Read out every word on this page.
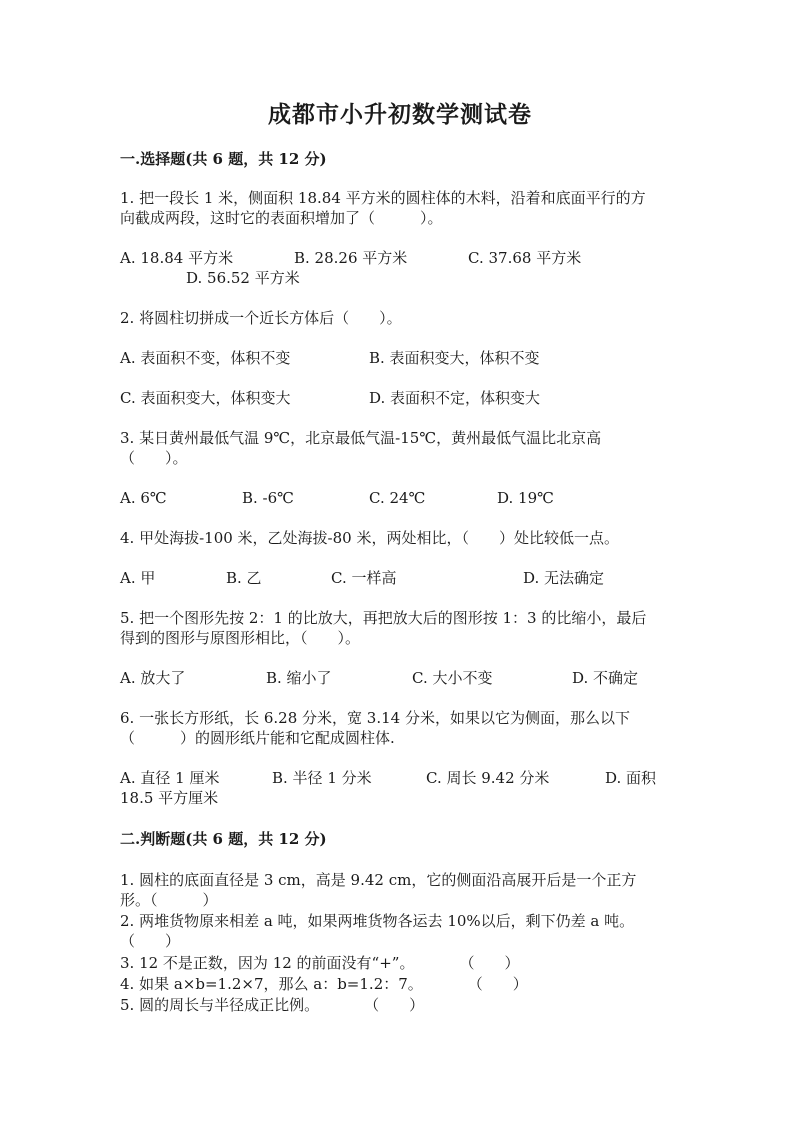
成都市小升初数学测试卷
一.选择题(共 6 题，共 12 分)
1. 把一段长 1 米，侧面积 18.84 平方米的圆柱体的木料，沿着和底面平行的方
向截成两段，这时它的表面积增加了（　　　）。
A. 18.84 平方米	B. 28.26 平方米	C. 37.68 平方米
D. 56.52 平方米
2. 将圆柱切拼成一个近长方体后（　　）。
A. 表面积不变，体积不变	B. 表面积变大，体积不变
C. 表面积变大，体积变大	D. 表面积不定，体积变大
3. 某日黄州最低气温 9℃，北京最低气温-15℃，黄州最低气温比北京高
（　　）。
A. 6℃	B. -6℃	C. 24℃	D. 19℃
4. 甲处海拔-100 米，乙处海拔-80 米，两处相比，（　　）处比较低一点。
A. 甲	B. 乙	C. 一样高	D. 无法确定
5. 把一个图形先按 2：1 的比放大，再把放大后的图形按 1：3 的比缩小，最后
得到的图形与原图形相比，（　　）。
A. 放大了	B. 缩小了	C. 大小不变	D. 不确定
6. 一张长方形纸，长 6.28 分米，宽 3.14 分米，如果以它为侧面，那么以下
（　　　）的圆形纸片能和它配成圆柱体.
A. 直径 1 厘米	B. 半径 1 分米	C. 周长 9.42 分米	D. 面积
18.5 平方厘米
二.判断题(共 6 题，共 12 分)
1. 圆柱的底面直径是 3 cm，高是 9.42 cm，它的侧面沿高展开后是一个正方
形。（　　　）
2. 两堆货物原来相差 a 吨，如果两堆货物各运去 10%以后，剩下仍差 a 吨。
（　　）
3. 12 不是正数，因为 12 的前面没有“+”。　　　　（　　）
4. 如果 a×b=1.2×7，那么 a：b=1.2：7。　　　　（　　）
5. 圆的周长与半径成正比例。　　　　（　　）
